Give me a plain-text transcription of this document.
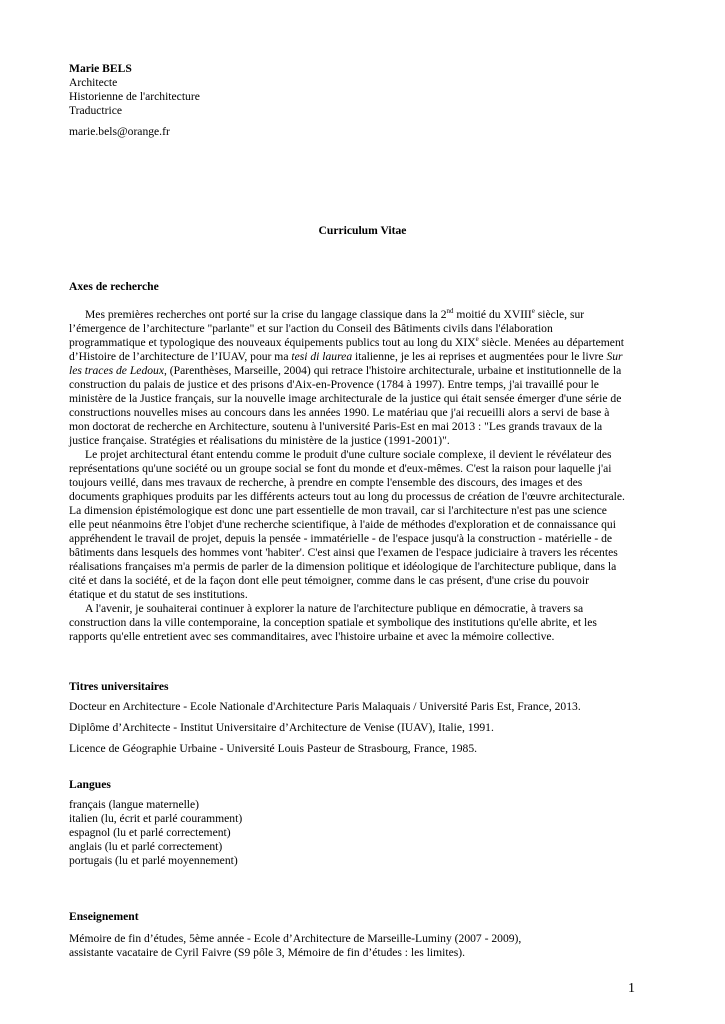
Marie BELS
Architecte
Historienne de l'architecture
Traductrice
marie.bels@orange.fr
Curriculum Vitae
Axes de recherche

Mes premières recherches ont porté sur la crise du langage classique dans la 2nd moitié du XVIIIe siècle, sur l’émergence de l’architecture "parlante" et sur l'action du Conseil des Bâtiments civils dans l'élaboration programmatique et typologique des nouveaux équipements publics tout au long du XIXe siècle. Menées au département d’Histoire de l’architecture de l’IUAV, pour ma tesi di laurea italienne, je les ai reprises et augmentées pour le livre Sur les traces de Ledoux, (Parenthèses, Marseille, 2004) qui retrace l'histoire architecturale, urbaine et institutionnelle de la construction du palais de justice et des prisons d'Aix-en-Provence (1784 à 1997). Entre temps, j'ai travaillé pour le ministère de la Justice français, sur la nouvelle image architecturale de la justice qui était sensée émerger d'une série de constructions nouvelles mises au concours dans les années 1990. Le matériau que j'ai recueilli alors a servi de base à mon doctorat de recherche en Architecture, soutenu à l'université Paris-Est en mai 2013 : "Les grands travaux de la justice française. Stratégies et réalisations du ministère de la justice (1991-2001)".

Le projet architectural étant entendu comme le produit d'une culture sociale complexe, il devient le révélateur des représentations qu'une société ou un groupe social se font du monde et d'eux-mêmes. C'est la raison pour laquelle j'ai toujours veillé, dans mes travaux de recherche, à prendre en compte l'ensemble des discours, des images et des documents graphiques produits par les différents acteurs tout au long du processus de création de l'œuvre architecturale. La dimension épistémologique est donc une part essentielle de mon travail, car si l'architecture n'est pas une science elle peut néanmoins être l'objet d'une recherche scientifique, à l'aide de méthodes d'exploration et de connaissance qui appréhendent le travail de projet, depuis la pensée - immatérielle - de l'espace jusqu'à la construction - matérielle - de bâtiments dans lesquels des hommes vont 'habiter'. C'est ainsi que l'examen de l'espace judiciaire à travers les récentes réalisations françaises m'a permis de parler de la dimension politique et idéologique de l'architecture publique, dans la cité et dans la société, et de la façon dont elle peut témoigner, comme dans le cas présent, d'une crise du pouvoir étatique et du statut de ses institutions.

A l'avenir, je souhaiterai continuer à explorer la nature de l'architecture publique en démocratie, à travers sa construction dans la ville contemporaine, la conception spatiale et symbolique des institutions qu'elle abrite, et les rapports qu'elle entretient avec ses commanditaires, avec l'histoire urbaine et avec la mémoire collective.

Titres universitaires
Docteur en Architecture - Ecole Nationale d'Architecture Paris Malaquais / Université Paris Est, France, 2013.
Diplôme d’Architecte - Institut Universitaire d’Architecture de Venise (IUAV), Italie, 1991.
Licence de Géographie Urbaine - Université Louis Pasteur de Strasbourg, France, 1985.
Langues
français (langue maternelle)
italien (lu, écrit et parlé couramment)
espagnol (lu et parlé correctement)
anglais (lu et parlé correctement)
portugais (lu et parlé moyennement)
Enseignement
Mémoire de fin d’études, 5ème année - Ecole d’Architecture de Marseille-Luminy (2007 - 2009),
assistante vacataire de Cyril Faivre (S9 pôle 3, Mémoire de fin d’études : les limites).
1
